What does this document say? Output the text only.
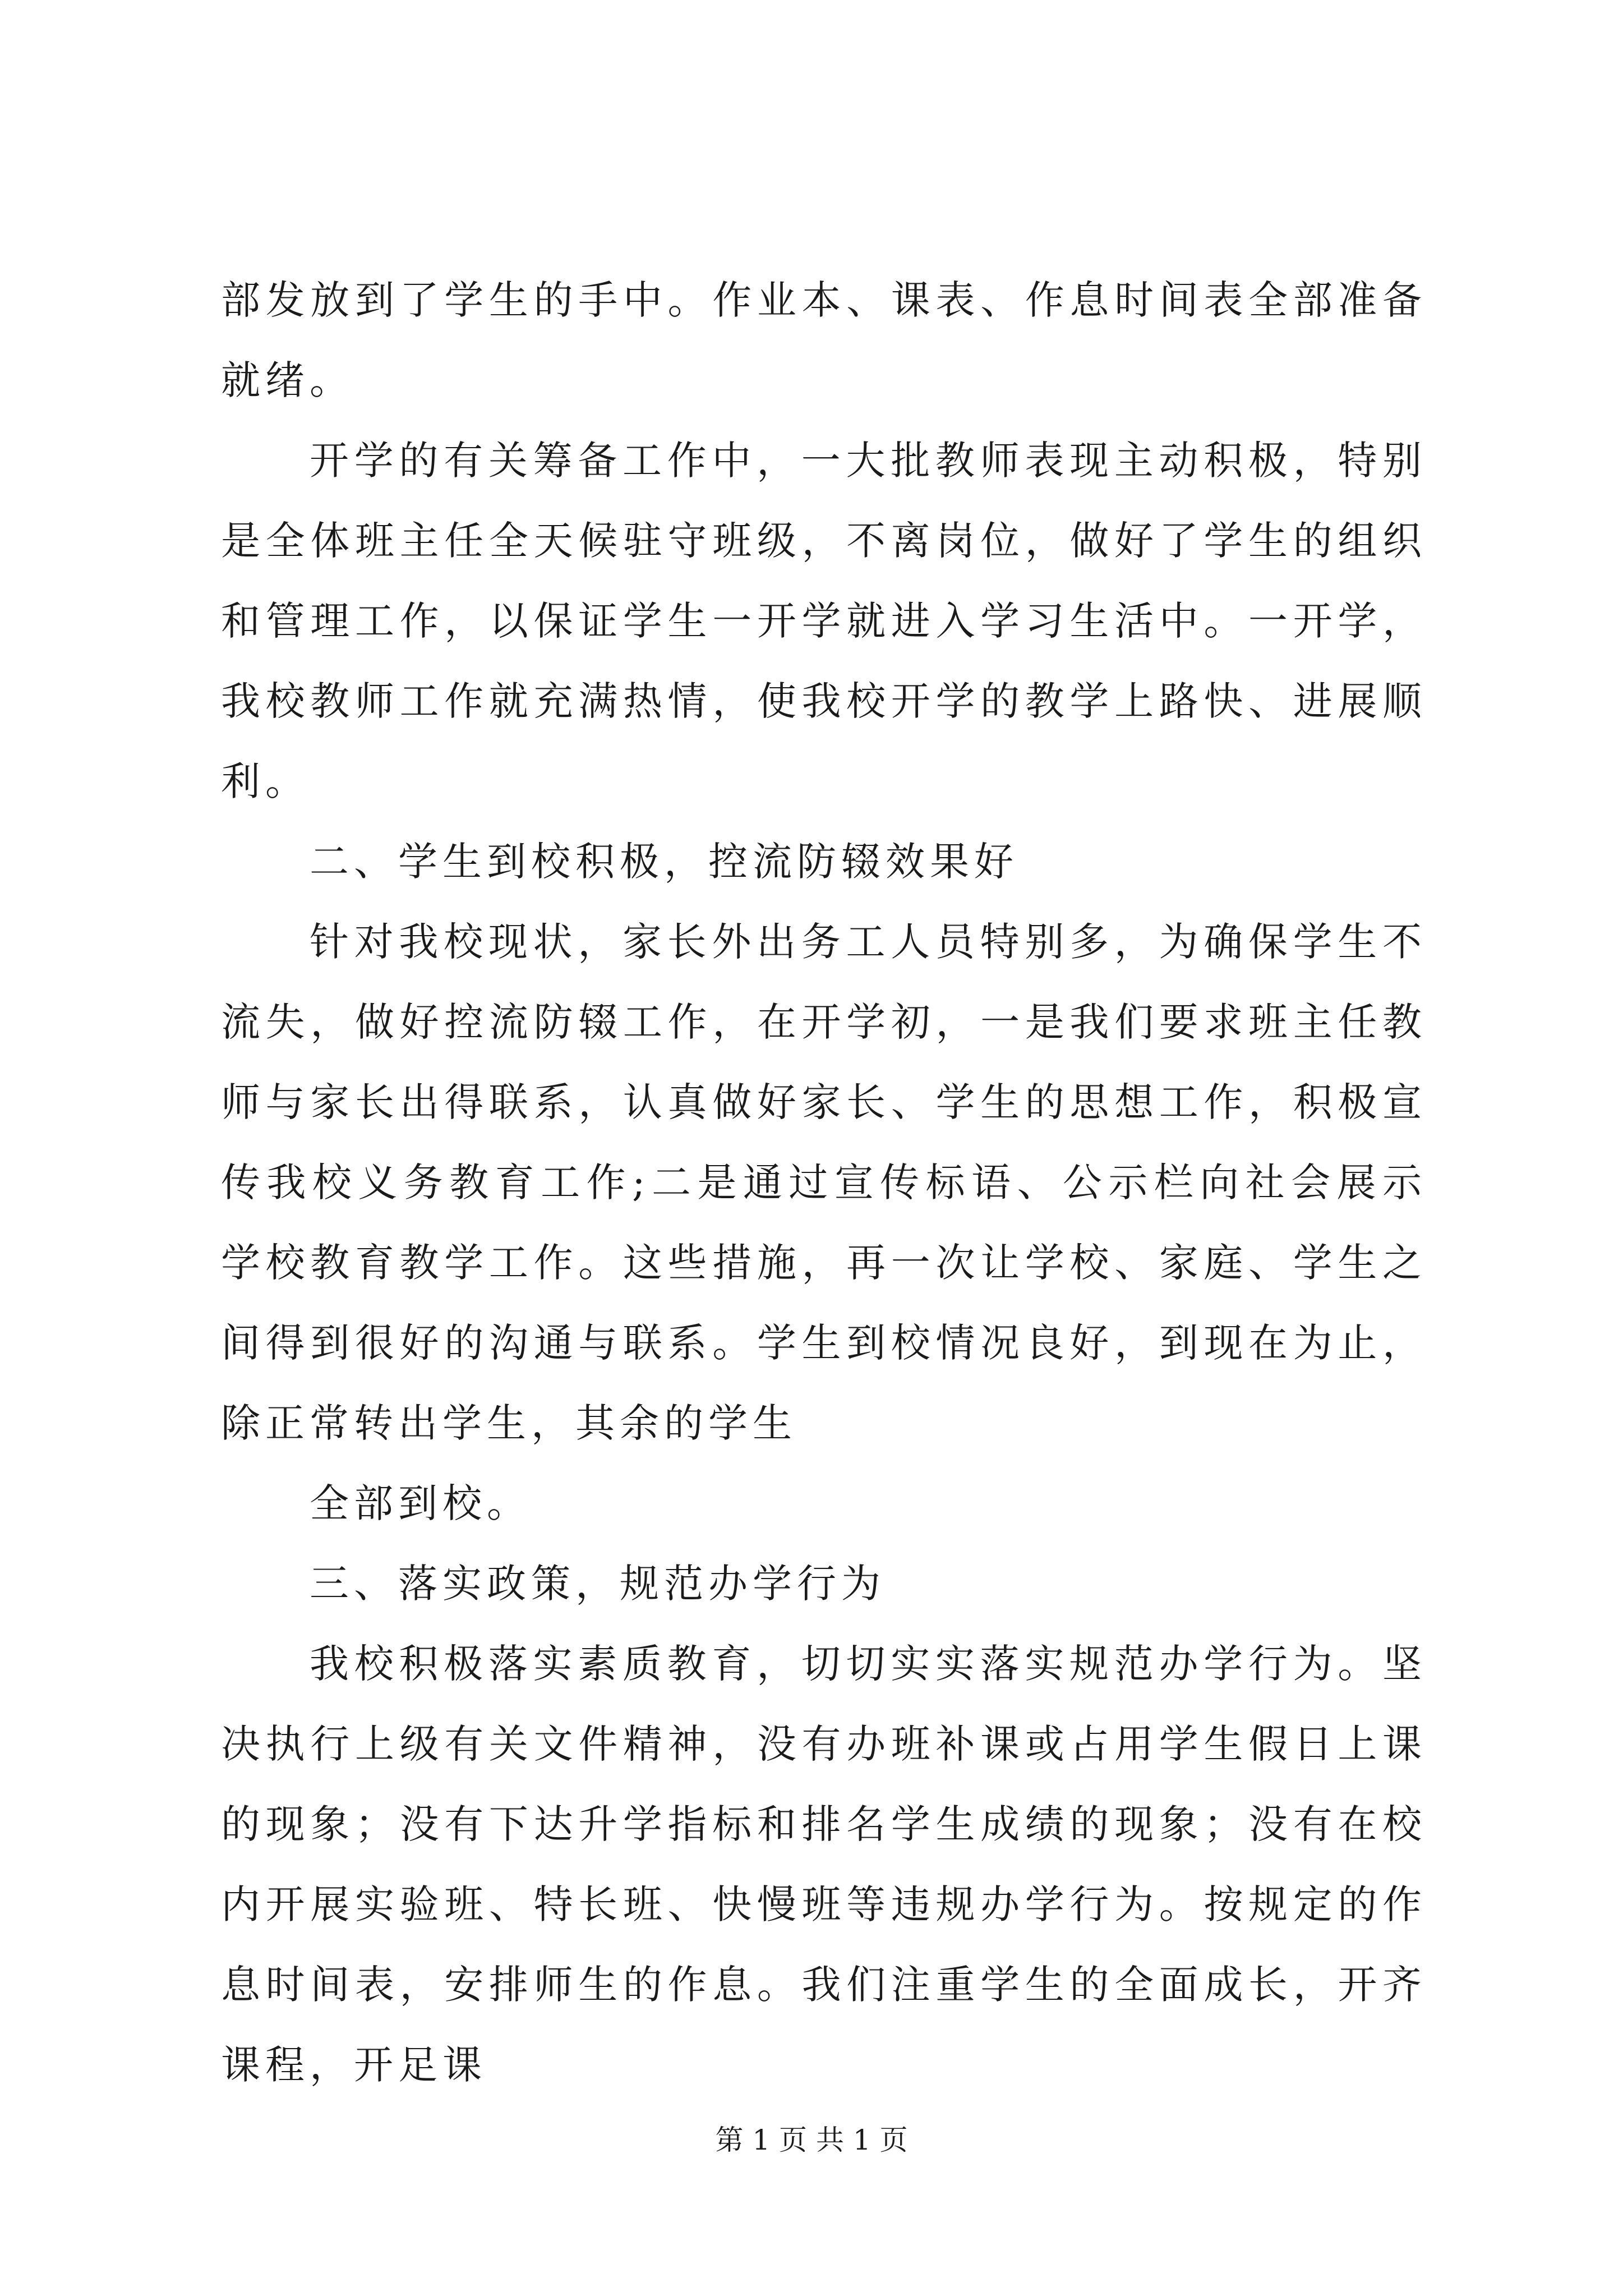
部发放到了学生的手中。作业本、课表、作息时间表全部准备就绪。

开学的有关筹备工作中，一大批教师表现主动积极，特别是全体班主任全天候驻守班级，不离岗位，做好了学生的组织和管理工作，以保证学生一开学就进入学习生活中。一开学，我校教师工作就充满热情，使我校开学的教学上路快、进展顺利。

二、学生到校积极，控流防辍效果好

针对我校现状，家长外出务工人员特别多，为确保学生不流失，做好控流防辍工作，在开学初，一是我们要求班主任教师与家长出得联系，认真做好家长、学生的思想工作，积极宣传我校义务教育工作;二是通过宣传标语、公示栏向社会展示学校教育教学工作。这些措施，再一次让学校、家庭、学生之间得到很好的沟通与联系。学生到校情况良好，到现在为止，除正常转出学生，其余的学生

全部到校。

三、落实政策，规范办学行为

我校积极落实素质教育，切切实实落实规范办学行为。坚决执行上级有关文件精神，没有办班补课或占用学生假日上课的现象；没有下达升学指标和排名学生成绩的现象；没有在校内开展实验班、特长班、快慢班等违规办学行为。按规定的作息时间表，安排师生的作息。我们注重学生的全面成长，开齐课程，开足课

第 1 页 共 1 页
